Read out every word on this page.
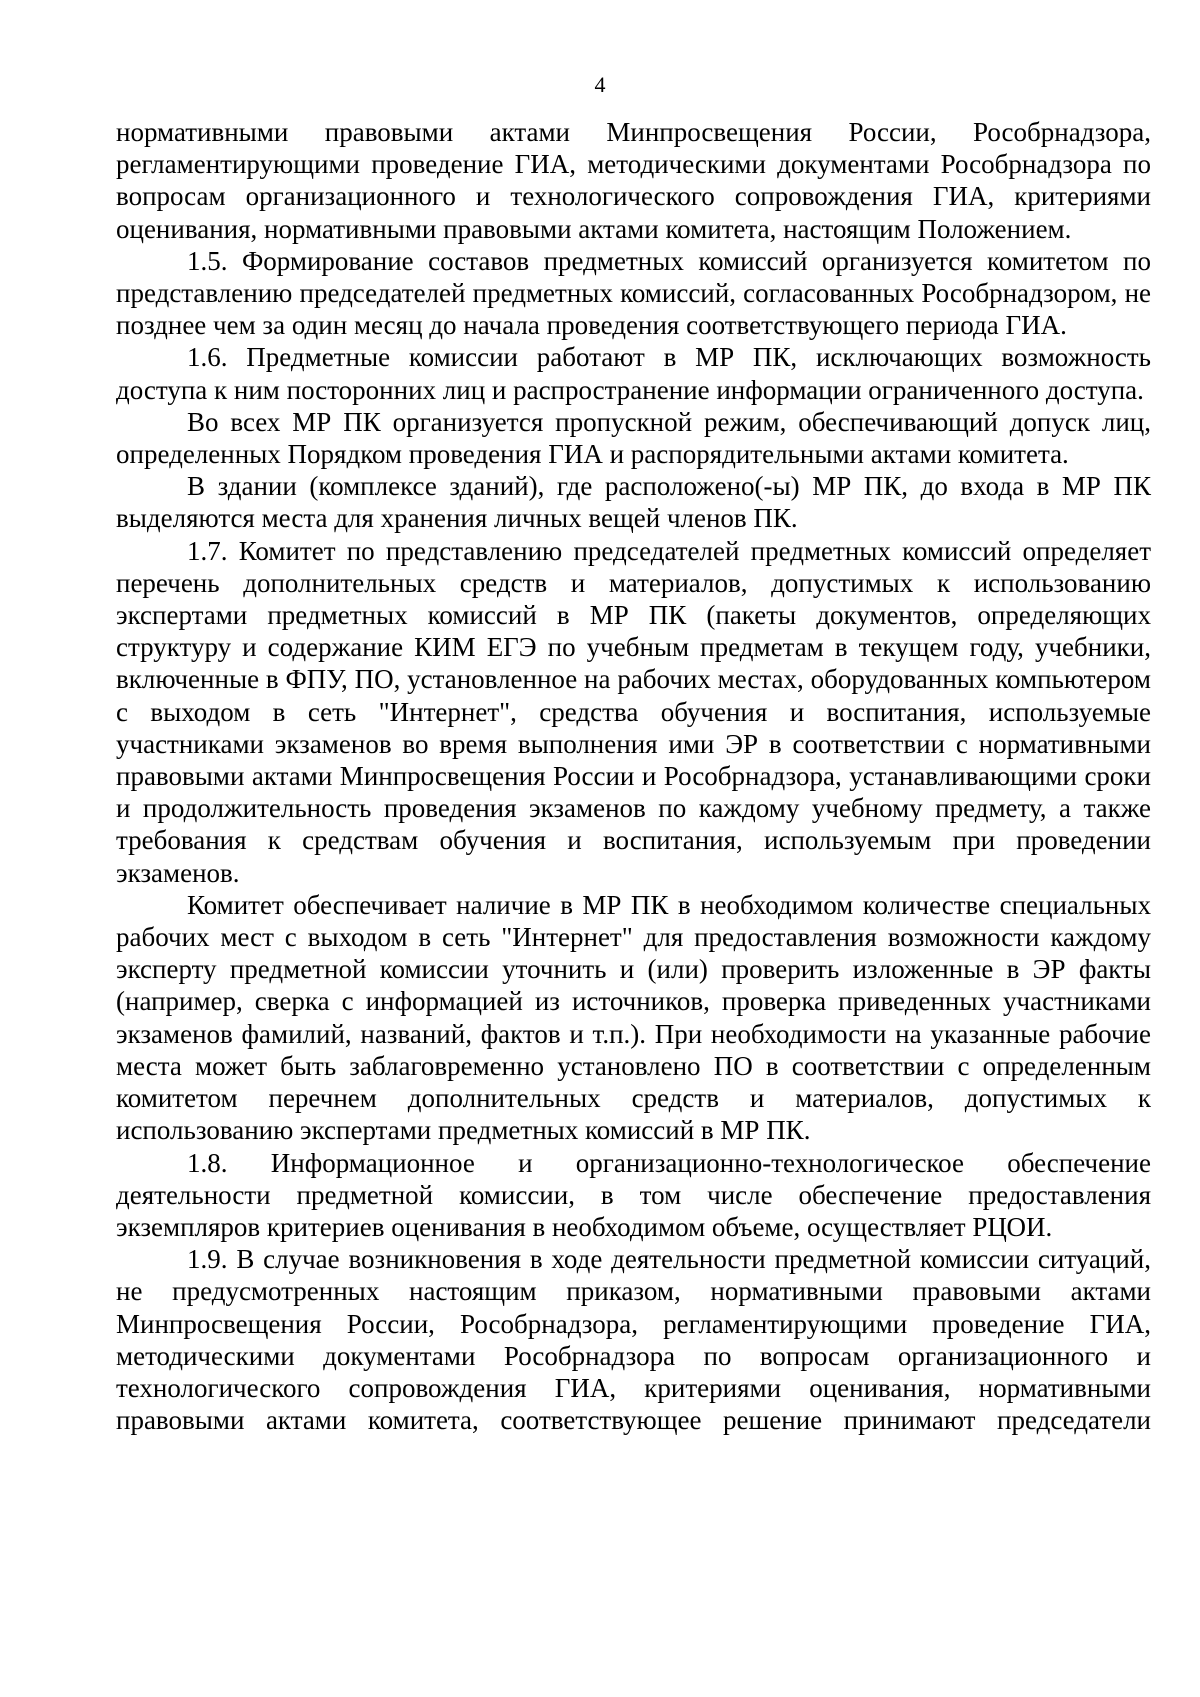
4

нормативными правовыми актами Минпросвещения России, Рособрнадзора, регламентирующими проведение ГИА, методическими документами Рособрнадзора по вопросам организационного и технологического сопровождения ГИА, критериями оценивания, нормативными правовыми актами комитета, настоящим Положением.

1.5. Формирование составов предметных комиссий организуется комитетом по представлению председателей предметных комиссий, согласованных Рособрнадзором, не позднее чем за один месяц до начала проведения соответствующего периода ГИА.

1.6. Предметные комиссии работают в МР ПК, исключающих возможность доступа к ним посторонних лиц и распространение информации ограниченного доступа.

Во всех МР ПК организуется пропускной режим, обеспечивающий допуск лиц, определенных Порядком проведения ГИА и распорядительными актами комитета.

В здании (комплексе зданий), где расположено(-ы) МР ПК, до входа в МР ПК выделяются места для хранения личных вещей членов ПК.

1.7. Комитет по представлению председателей предметных комиссий определяет перечень дополнительных средств и материалов, допустимых к использованию экспертами предметных комиссий в МР ПК (пакеты документов, определяющих структуру и содержание КИМ ЕГЭ по учебным предметам в текущем году, учебники, включенные в ФПУ, ПО, установленное на рабочих местах, оборудованных компьютером с выходом в сеть "Интернет", средства обучения и воспитания, используемые участниками экзаменов во время выполнения ими ЭР в соответствии с нормативными правовыми актами Минпросвещения России и Рособрнадзора, устанавливающими сроки и продолжительность проведения экзаменов по каждому учебному предмету, а также требования к средствам обучения и воспитания, используемым при проведении экзаменов.

Комитет обеспечивает наличие в МР ПК в необходимом количестве специальных рабочих мест с выходом в сеть "Интернет" для предоставления возможности каждому эксперту предметной комиссии уточнить и (или) проверить изложенные в ЭР факты (например, сверка с информацией из источников, проверка приведенных участниками экзаменов фамилий, названий, фактов и т.п.). При необходимости на указанные рабочие места может быть заблаговременно установлено ПО в соответствии с определенным комитетом перечнем дополнительных средств и материалов, допустимых к использованию экспертами предметных комиссий в МР ПК.

1.8. Информационное и организационно-технологическое обеспечение деятельности предметной комиссии, в том числе обеспечение предоставления экземпляров критериев оценивания в необходимом объеме, осуществляет РЦОИ.

1.9. В случае возникновения в ходе деятельности предметной комиссии ситуаций, не предусмотренных настоящим приказом, нормативными правовыми актами Минпросвещения России, Рособрнадзора, регламентирующими проведение ГИА, методическими документами Рособрнадзора по вопросам организационного и технологического сопровождения ГИА, критериями оценивания, нормативными правовыми актами комитета, соответствующее решение принимают председатели
